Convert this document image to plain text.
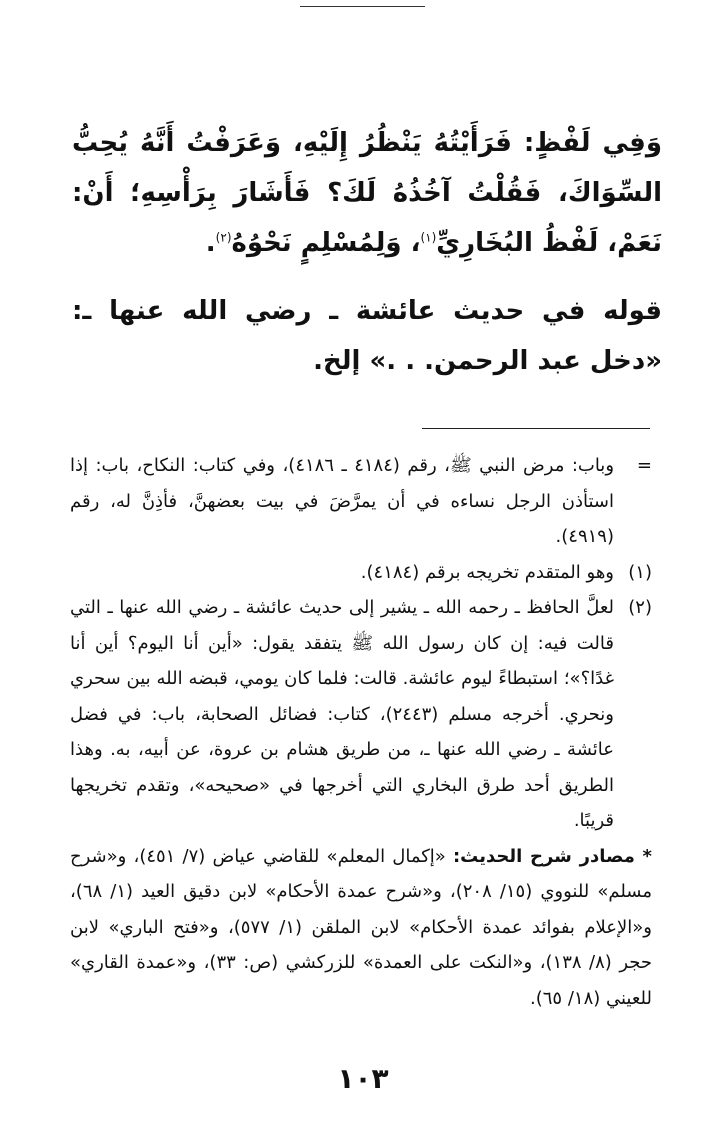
وَفِي لَفْظٍ: فَرَأَيْتُهُ يَنْظُرُ إِلَيْهِ، وَعَرَفْتُ أَنَّهُ يُحِبُّ السِّوَاكَ، فَقُلْتُ آخُذُهُ لَكَ؟ فَأَشَارَ بِرَأْسِهِ؛ أَنْ: نَعَمْ، لَفْظُ البُخَارِيِّ$^{(١)}$، وَلِمُسْلِمٍ نَحْوُهُ$^{(٢)}$.

قوله في حديث عائشة ـ رضي الله عنها ـ: «دخل عبد الرحمن. . .» إلخ.

=
وباب: مرض النبي ﷺ، رقم (٤١٨٤ ـ ٤١٨٦)، وفي كتاب: النكاح، باب: إذا استأذن الرجل نساءه في أن يمرَّضَ في بيت بعضهنَّ، فأذِنَّ له، رقم (٤٩١٩).
(١)
وهو المتقدم تخريجه برقم (٤١٨٤).
(٢)
لعلَّ الحافظ ـ رحمه الله ـ يشير إلى حديث عائشة ـ رضي الله عنها ـ التي قالت فيه: إن كان رسول الله ﷺ يتفقد يقول: «أين أنا اليوم؟ أين أنا غدًا؟»؛ استبطاءً ليوم عائشة. قالت: فلما كان يومي، قبضه الله بين سحري ونحري. أخرجه مسلم (٢٤٤٣)، كتاب: فضائل الصحابة، باب: في فضل عائشة ـ رضي الله عنها ـ، من طريق هشام بن عروة، عن أبيه، به. وهذا الطريق أحد طرق البخاري التي أخرجها في «صحيحه»، وتقدم تخريجها قريبًا.
* مصادر شرح الحديث: «إكمال المعلم» للقاضي عياض (٧/ ٤٥١)، و«شرح مسلم» للنووي (١٥/ ٢٠٨)، و«شرح عمدة الأحكام» لابن دقيق العيد (١/ ٦٨)، و«الإعلام بفوائد عمدة الأحكام» لابن الملقن (١/ ٥٧٧)، و«فتح الباري» لابن حجر (٨/ ١٣٨)، و«النكت على العمدة» للزركشي (ص: ٣٣)، و«عمدة القاري» للعيني (١٨/ ٦٥).
١٠٣
